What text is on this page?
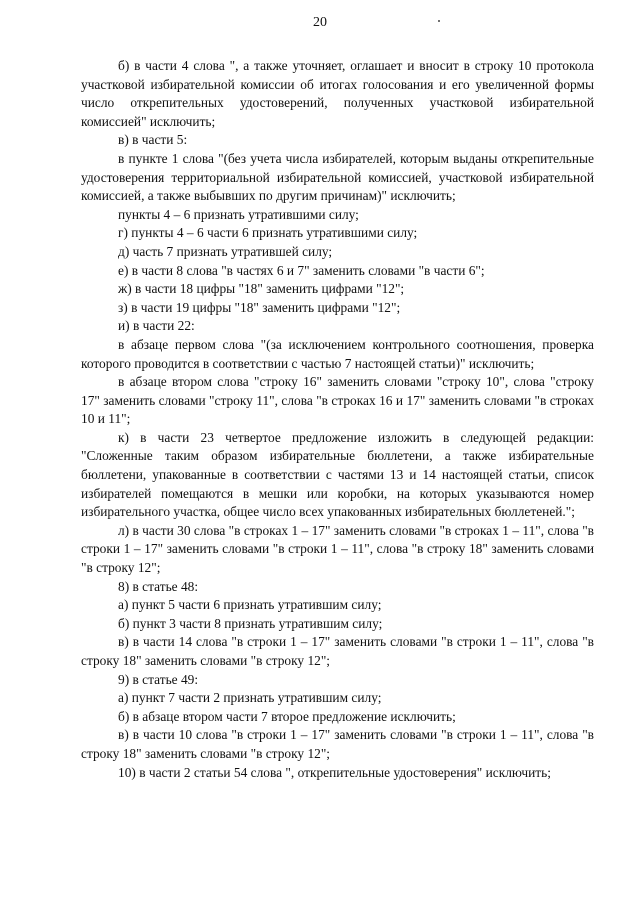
20

б) в части 4 слова ", а также уточняет, оглашает и вносит в строку 10 протокола участковой избирательной комиссии об итогах голосования и его увеличенной формы число открепительных удостоверений, полученных участковой избирательной комиссией" исключить;

в) в части 5:

в пункте 1 слова "(без учета числа избирателей, которым выданы открепительные удостоверения территориальной избирательной комиссией, участковой избирательной комиссией, а также выбывших по другим причинам)" исключить;

пункты 4 – 6 признать утратившими силу;

г) пункты 4 – 6 части 6 признать утратившими силу;

д) часть 7 признать утратившей силу;

е) в части 8 слова "в частях 6 и 7" заменить словами "в части 6";

ж) в части 18 цифры "18" заменить цифрами "12";

з) в части 19 цифры "18" заменить цифрами "12";

и) в части 22:

в абзаце первом слова "(за исключением контрольного соотношения, проверка которого проводится в соответствии с частью 7 настоящей статьи)" исключить;

в абзаце втором слова "строку 16" заменить словами "строку 10", слова "строку 17" заменить словами "строку 11", слова "в строках 16 и 17" заменить словами "в строках 10 и 11";

к) в части 23 четвертое предложение изложить в следующей редакции: "Сложенные таким образом избирательные бюллетени, а также избирательные бюллетени, упакованные в соответствии с частями 13 и 14 настоящей статьи, список избирателей помещаются в мешки или коробки, на которых указываются номер избирательного участка, общее число всех упакованных избирательных бюллетеней.";

л) в части 30 слова "в строках 1 – 17" заменить словами "в строках 1 – 11", слова "в строки 1 – 17" заменить словами "в строки 1 – 11", слова "в строку 18" заменить словами "в строку 12";

8) в статье 48:

а) пункт 5 части 6 признать утратившим силу;

б) пункт 3 части 8 признать утратившим силу;

в) в части 14 слова "в строки 1 – 17" заменить словами "в строки 1 – 11", слова "в строку 18" заменить словами "в строку 12";

9) в статье 49:

а) пункт 7 части 2 признать утратившим силу;

б) в абзаце втором части 7 второе предложение исключить;

в) в части 10 слова "в строки 1 – 17" заменить словами "в строки 1 – 11", слова "в строку 18" заменить словами "в строку 12";

10) в части 2 статьи 54 слова ", открепительные удостоверения" исключить;
